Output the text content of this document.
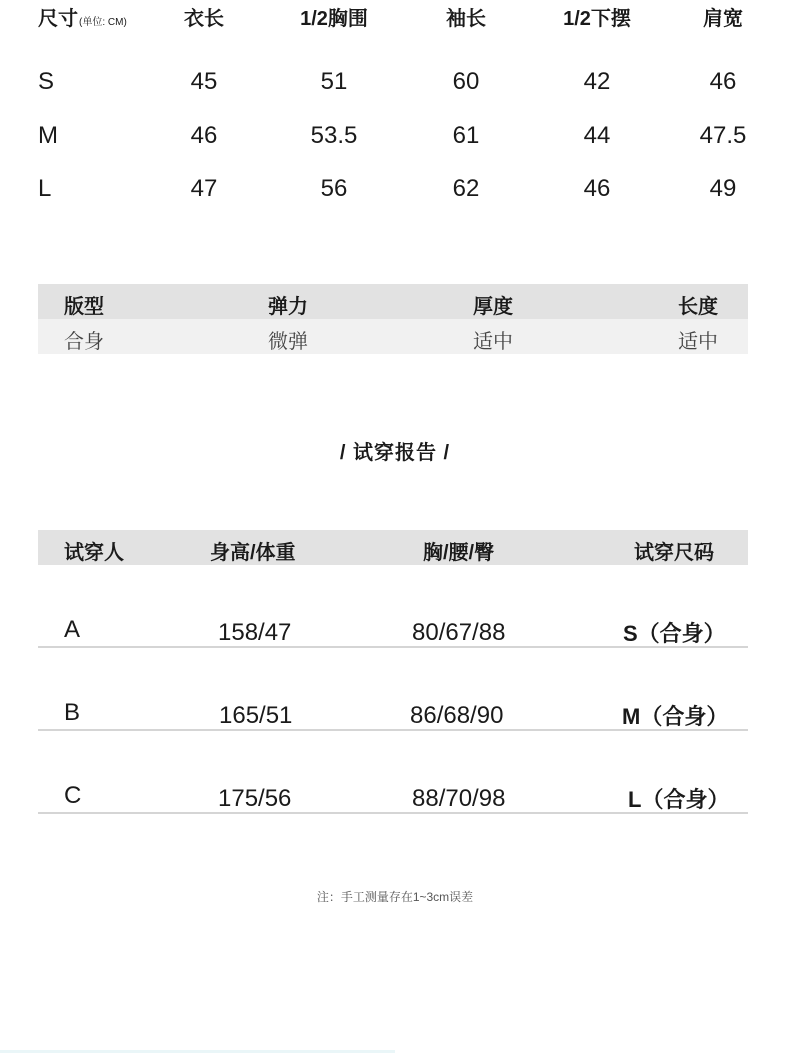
尺寸(单位: CM)	衣长	1/2胸围	袖长	1/2下摆	肩宽
S	45	51	60	42	46
M	46	53.5	61	44	47.5
L	47	56	62	46	49
版型	弹力	厚度	长度
合身	微弹	适中	适中
/ 试穿报告 /
试穿人	身高/体重	胸/腰/臀	试穿尺码
A	158/47	80/67/88	S（合身）
B	165/51	86/68/90	M（合身）
C	175/56	88/70/98	L（合身）
注：手工测量存在1~3cm误差
